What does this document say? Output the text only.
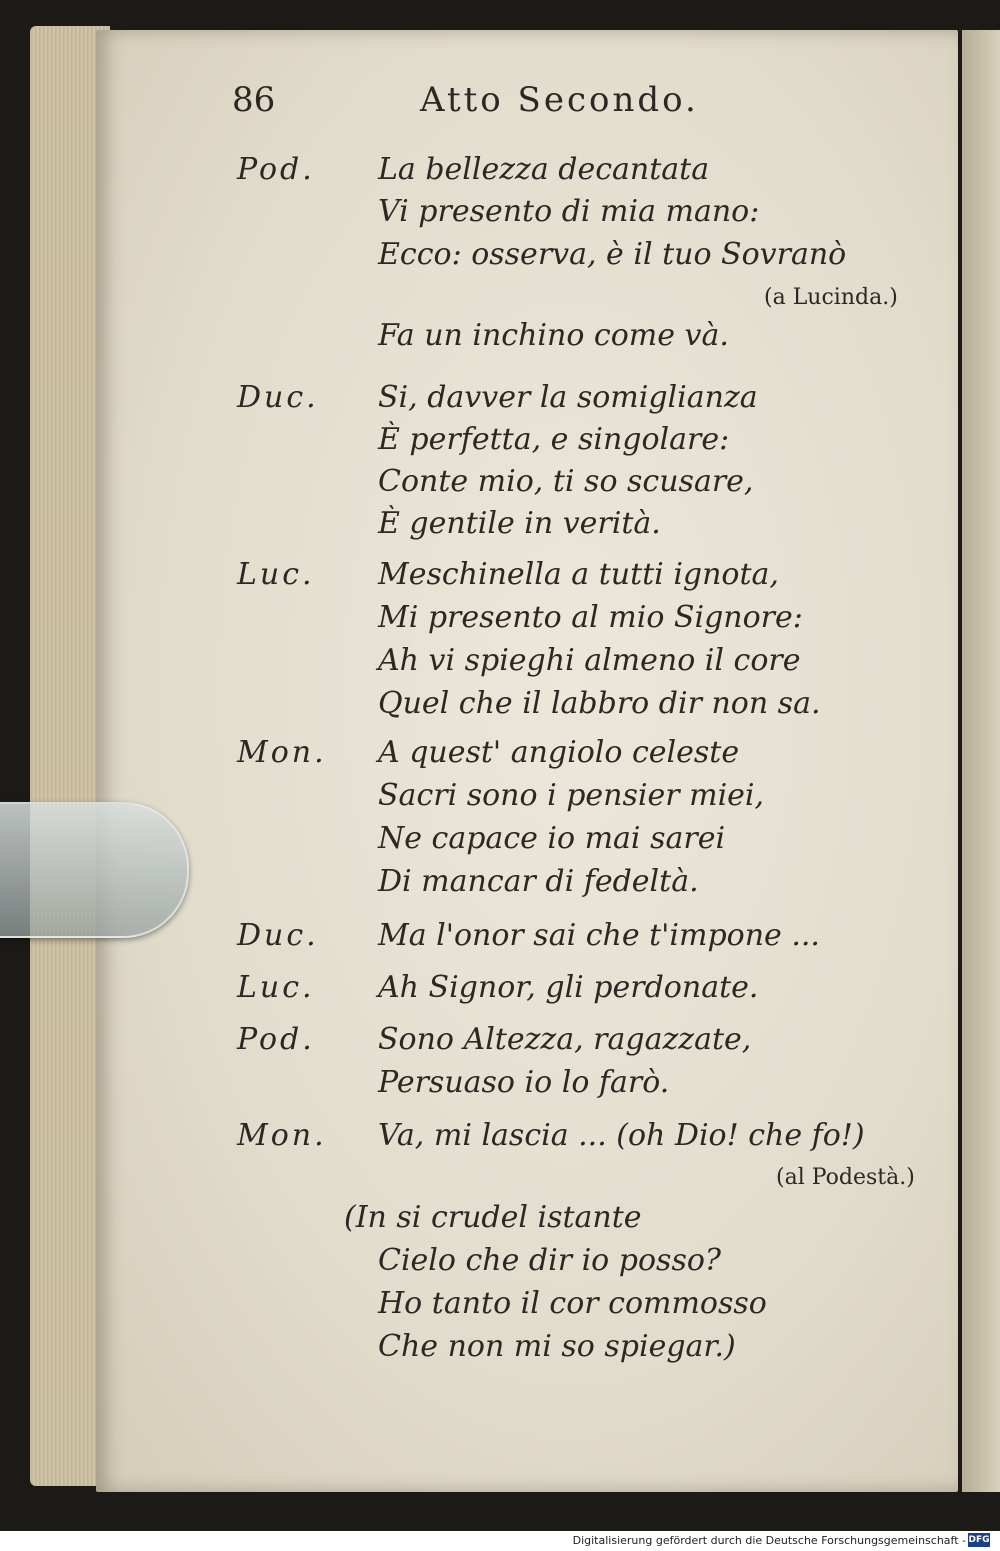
86	Atto Secondo.
Pod. La bellezza decantata
Vi presento di mia mano:
Ecco: osserva, è il tuo Sovranò
(a Lucinda.)
Fa un inchino come và.
Duc. Si, davver la somiglianza
È perfetta, e singolare:
Conte mio, ti so scusare,
È gentile in verità.
Luc. Meschinella a tutti ignota,
Mi presento al mio Signore:
Ah vi spieghi almeno il core
Quel che il labbro dir non sa.
Mon. A quest' angiolo celeste
Sacri sono i pensier miei,
Ne capace io mai sarei
Di mancar di fedeltà.
Duc. Ma l'onor sai che t'impone ...
Luc. Ah Signor, gli perdonate.
Pod. Sono Altezza, ragazzate,
Persuaso io lo farò.
Mon. Va, mi lascia ... (oh Dio! che fo!)
(al Podestà.)
(In si crudel istante
Cielo che dir io posso?
Ho tanto il cor commosso
Che non mi so spiegar.)
Digitalisierung gefördert durch die Deutsche Forschungsgemeinschaft - DFG
